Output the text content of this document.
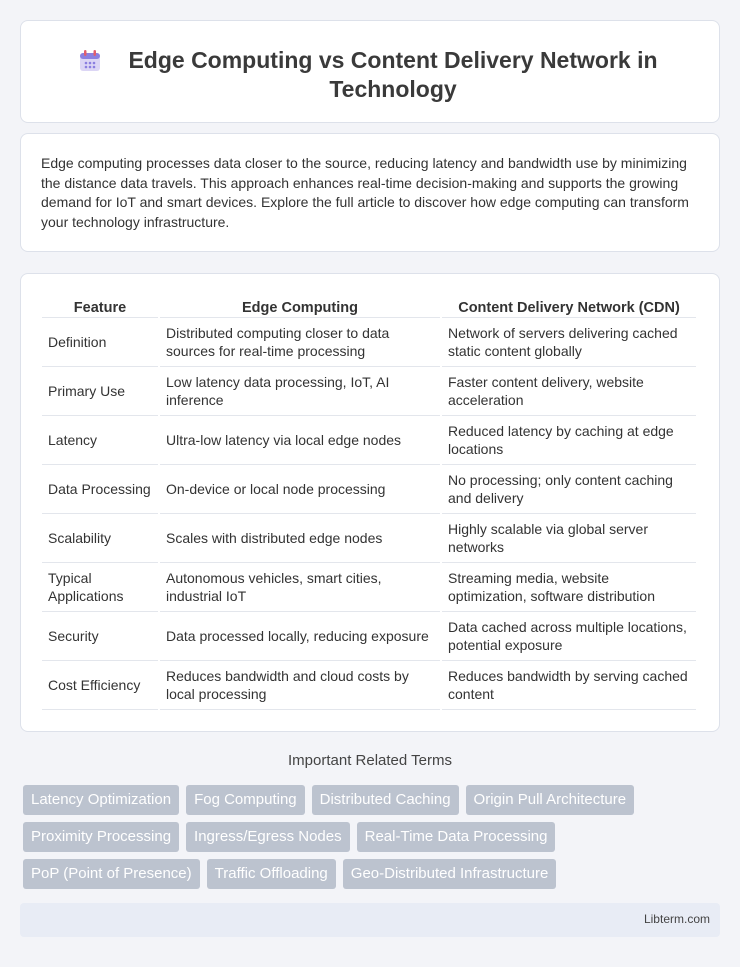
Edge Computing vs Content Delivery Network in Technology

Edge computing processes data closer to the source, reducing latency and bandwidth use by minimizing the distance data travels. This approach enhances real-time decision-making and supports the growing demand for IoT and smart devices. Explore the full article to discover how edge computing can transform your technology infrastructure.

Feature	Edge Computing	Content Delivery Network (CDN)
Definition	Distributed computing closer to data sources for real-time processing	Network of servers delivering cached static content globally
Primary Use	Low latency data processing, IoT, AI inference	Faster content delivery, website acceleration
Latency	Ultra-low latency via local edge nodes	Reduced latency by caching at edge locations
Data Processing	On-device or local node processing	No processing; only content caching and delivery
Scalability	Scales with distributed edge nodes	Highly scalable via global server networks
Typical Applications	Autonomous vehicles, smart cities, industrial IoT	Streaming media, website optimization, software distribution
Security	Data processed locally, reducing exposure	Data cached across multiple locations, potential exposure
Cost Efficiency	Reduces bandwidth and cloud costs by local processing	Reduces bandwidth by serving cached content
Important Related Terms
Latency Optimization	Fog Computing	Distributed Caching	Origin Pull Architecture
Proximity Processing	Ingress/Egress Nodes	Real-Time Data Processing
PoP (Point of Presence)	Traffic Offloading	Geo-Distributed Infrastructure
Libterm.com
